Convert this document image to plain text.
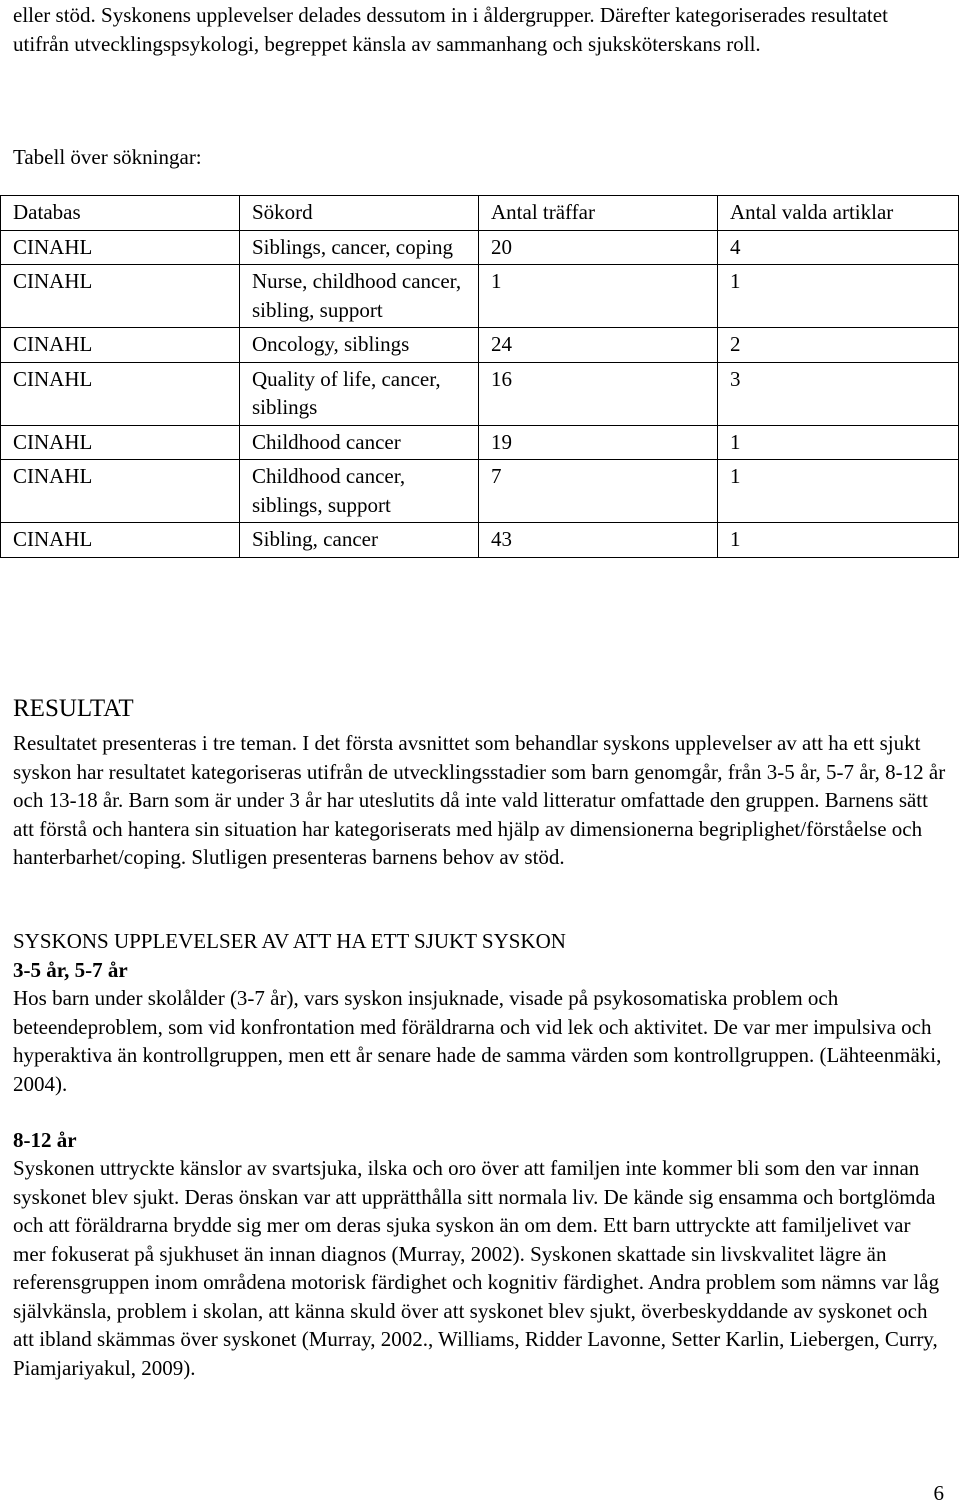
eller stöd. Syskonens upplevelser delades dessutom in i åldergrupper. Därefter kategoriserades resultatet utifrån utvecklingspsykologi, begreppet känsla av sammanhang och sjuksköterskans roll.

Tabell över sökningar:

Databas	Sökord	Antal träffar	Antal valda artiklar
CINAHL	Siblings, cancer, coping	20	4
CINAHL	Nurse, childhood cancer, sibling, support	1	1
CINAHL	Oncology, siblings	24	2
CINAHL	Quality of life, cancer, siblings	16	3
CINAHL	Childhood cancer	19	1
CINAHL	Childhood cancer, siblings, support	7	1
CINAHL	Sibling, cancer	43	1
RESULTAT

Resultatet presenteras i tre teman. I det första avsnittet som behandlar syskons upplevelser av att ha ett sjukt syskon har resultatet kategoriseras utifrån de utvecklingsstadier som barn genomgår, från 3-5 år, 5-7 år, 8-12 år och 13-18 år. Barn som är under 3 år har uteslutits då inte vald litteratur omfattade den gruppen. Barnens sätt att förstå och hantera sin situation har kategoriserats med hjälp av dimensionerna begriplighet/förståelse och hanterbarhet/coping. Slutligen presenteras barnens behov av stöd.

SYSKONS UPPLEVELSER AV ATT HA ETT SJUKT SYSKON

3-5 år, 5-7 år

Hos barn under skolålder (3-7 år), vars syskon insjuknade, visade på psykosomatiska problem och beteendeproblem, som vid konfrontation med föräldrarna och vid lek och aktivitet. De var mer impulsiva och hyperaktiva än kontrollgruppen, men ett år senare hade de samma värden som kontrollgruppen. (Lähteenmäki, 2004).

8-12 år

Syskonen uttryckte känslor av svartsjuka, ilska och oro över att familjen inte kommer bli som den var innan syskonet blev sjukt. Deras önskan var att upprätthålla sitt normala liv. De kände sig ensamma och bortglömda och att föräldrarna brydde sig mer om deras sjuka syskon än om dem. Ett barn uttryckte att familjelivet var mer fokuserat på sjukhuset än innan diagnos (Murray, 2002). Syskonen skattade sin livskvalitet lägre än referensgruppen inom områdena motorisk färdighet och kognitiv färdighet. Andra problem som nämns var låg självkänsla, problem i skolan, att känna skuld över att syskonet blev sjukt, överbeskyddande av syskonet och att ibland skämmas över syskonet (Murray, 2002., Williams, Ridder Lavonne, Setter Karlin, Liebergen, Curry, Piamjariyakul, 2009).

6
